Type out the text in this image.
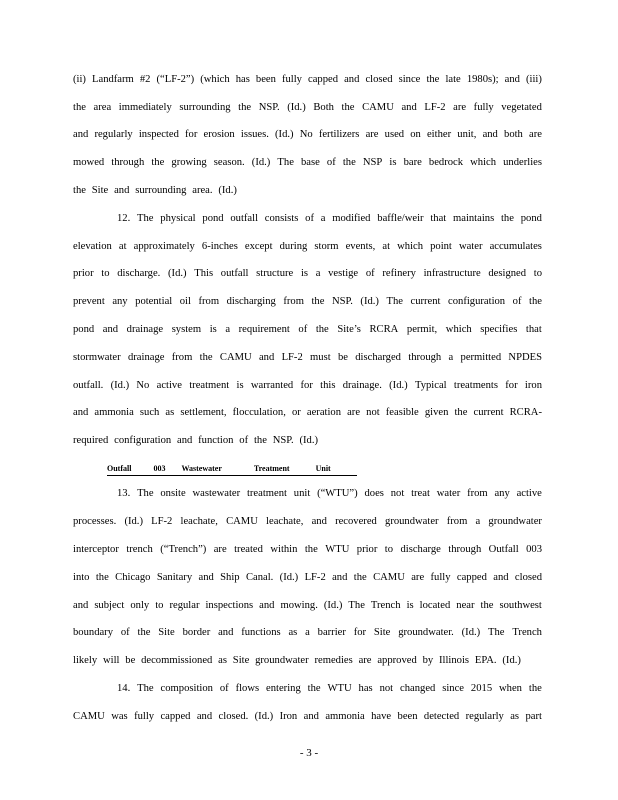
(ii) Landfarm #2 (“LF-2”) (which has been fully capped and closed since the late 1980s); and (iii)
the area immediately surrounding the NSP. (Id.) Both the CAMU and LF-2 are fully vegetated
and regularly inspected for erosion issues. (Id.) No fertilizers are used on either unit, and both are
mowed through the growing season. (Id.) The base of the NSP is bare bedrock which underlies
the Site and surrounding area. (Id.)
12. The physical pond outfall consists of a modified baffle/weir that maintains the pond
elevation at approximately 6-inches except during storm events, at which point water accumulates
prior to discharge. (Id.) This outfall structure is a vestige of refinery infrastructure designed to
prevent any potential oil from discharging from the NSP. (Id.) The current configuration of the
pond and drainage system is a requirement of the Site’s RCRA permit, which specifies that
stormwater drainage from the CAMU and LF-2 must be discharged through a permitted NPDES
outfall. (Id.) No active treatment is warranted for this drainage. (Id.) Typical treatments for iron
and ammonia such as settlement, flocculation, or aeration are not feasible given the current RCRA-
required configuration and function of the NSP. (Id.)
13. The onsite wastewater treatment unit (“WTU”) does not treat water from any active
processes. (Id.) LF-2 leachate, CAMU leachate, and recovered groundwater from a groundwater
interceptor trench (“Trench”) are treated within the WTU prior to discharge through Outfall 003
into the Chicago Sanitary and Ship Canal. (Id.) LF-2 and the CAMU are fully capped and closed
and subject only to regular inspections and mowing. (Id.) The Trench is located near the southwest
boundary of the Site border and functions as a barrier for Site groundwater. (Id.) The Trench
likely will be decommissioned as Site groundwater remedies are approved by Illinois EPA. (Id.)
14. The composition of flows entering the WTU has not changed since 2015 when the
CAMU was fully capped and closed. (Id.) Iron and ammonia have been detected regularly as part
Outfall	003 Wastewater	Treatment	Unit
- 3 -
